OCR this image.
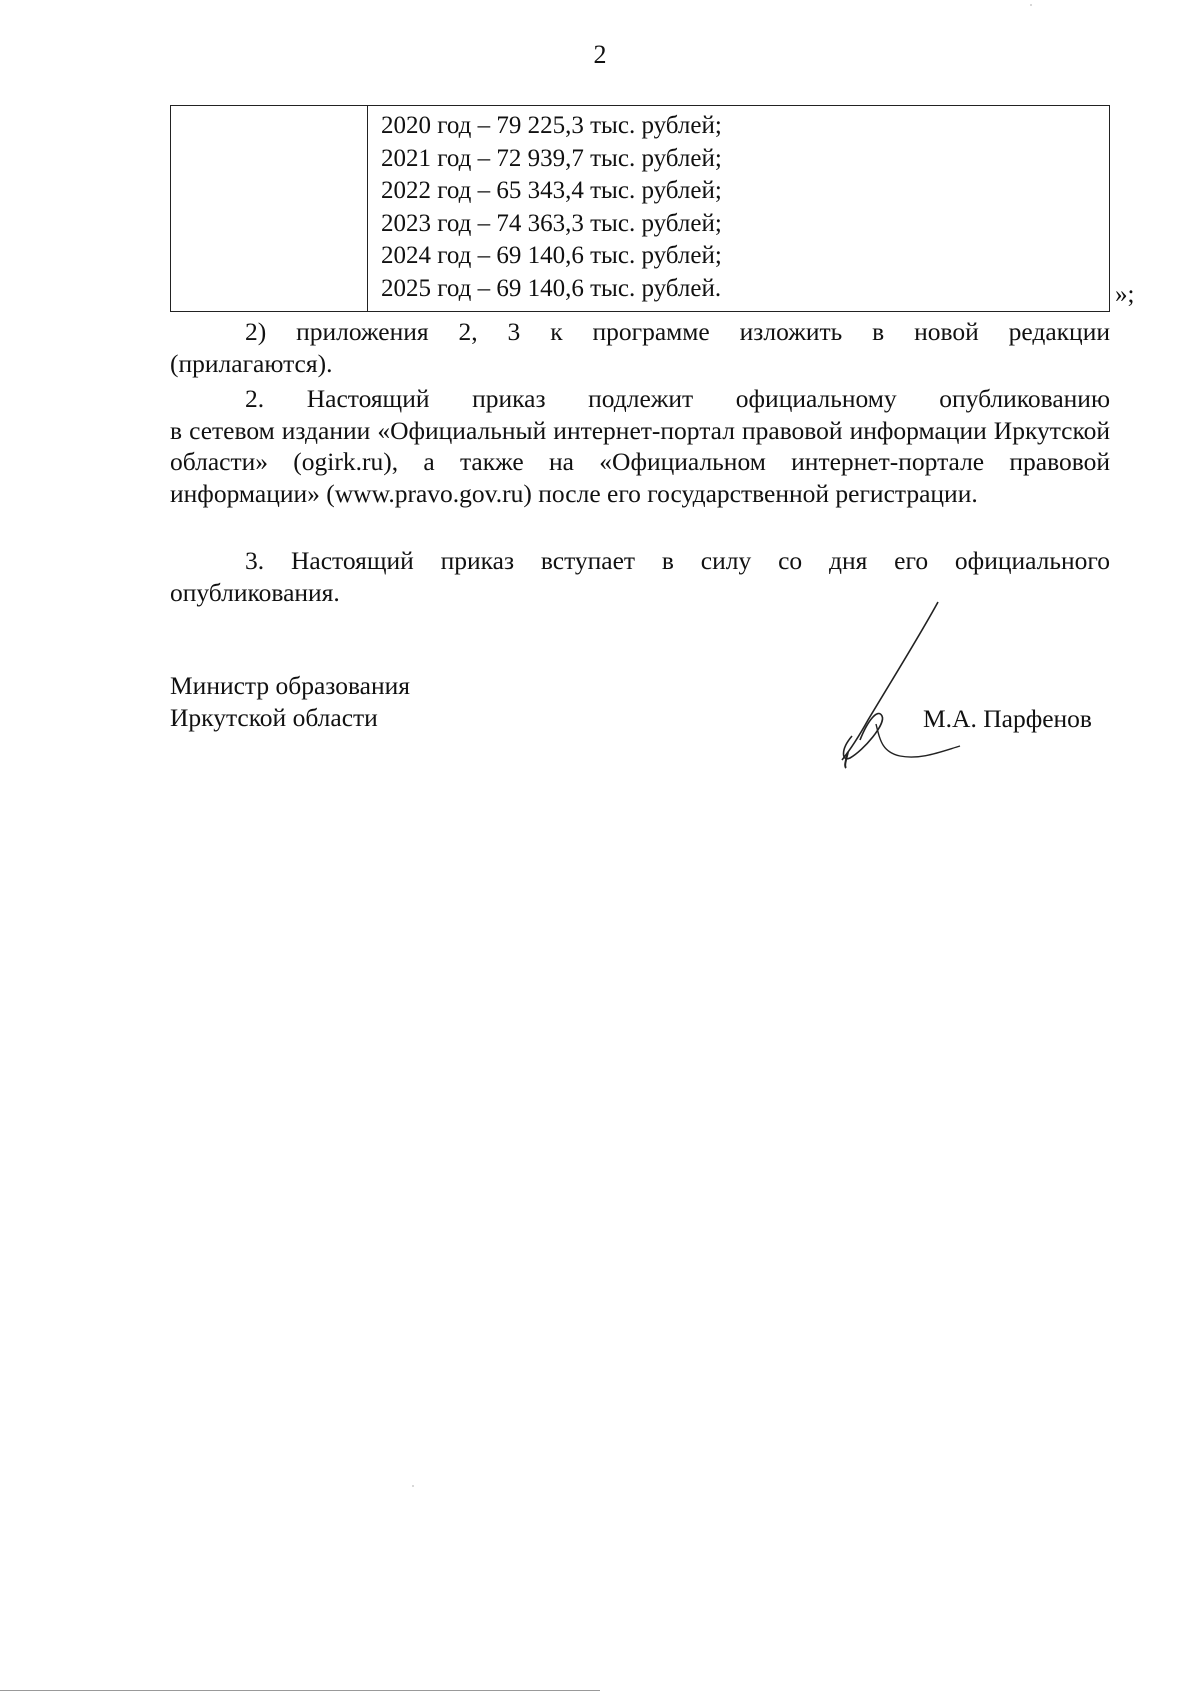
2
2020 год – 79 225,3 тыс. рублей;
2021 год – 72 939,7 тыс. рублей;
2022 год – 65 343,4 тыс. рублей;
2023 год – 74 363,3 тыс. рублей;
2024 год – 69 140,6 тыс. рублей;
2025 год – 69 140,6 тыс. рублей.	»;
2) приложения 2, 3 к программе изложить в новой редакции
(прилагаются).
2. Настоящий приказ подлежит официальному опубликованию
в сетевом издании «Официальный интернет-портал правовой информации Иркутской области» (ogirk.ru), а также на «Официальном интернет-портале правовой информации» (www.pravo.gov.ru) после его государственной регистрации.
3. Настоящий приказ вступает в силу со дня его официального
опубликования.
Министр образования
Иркутской области	М.А. Парфенов
